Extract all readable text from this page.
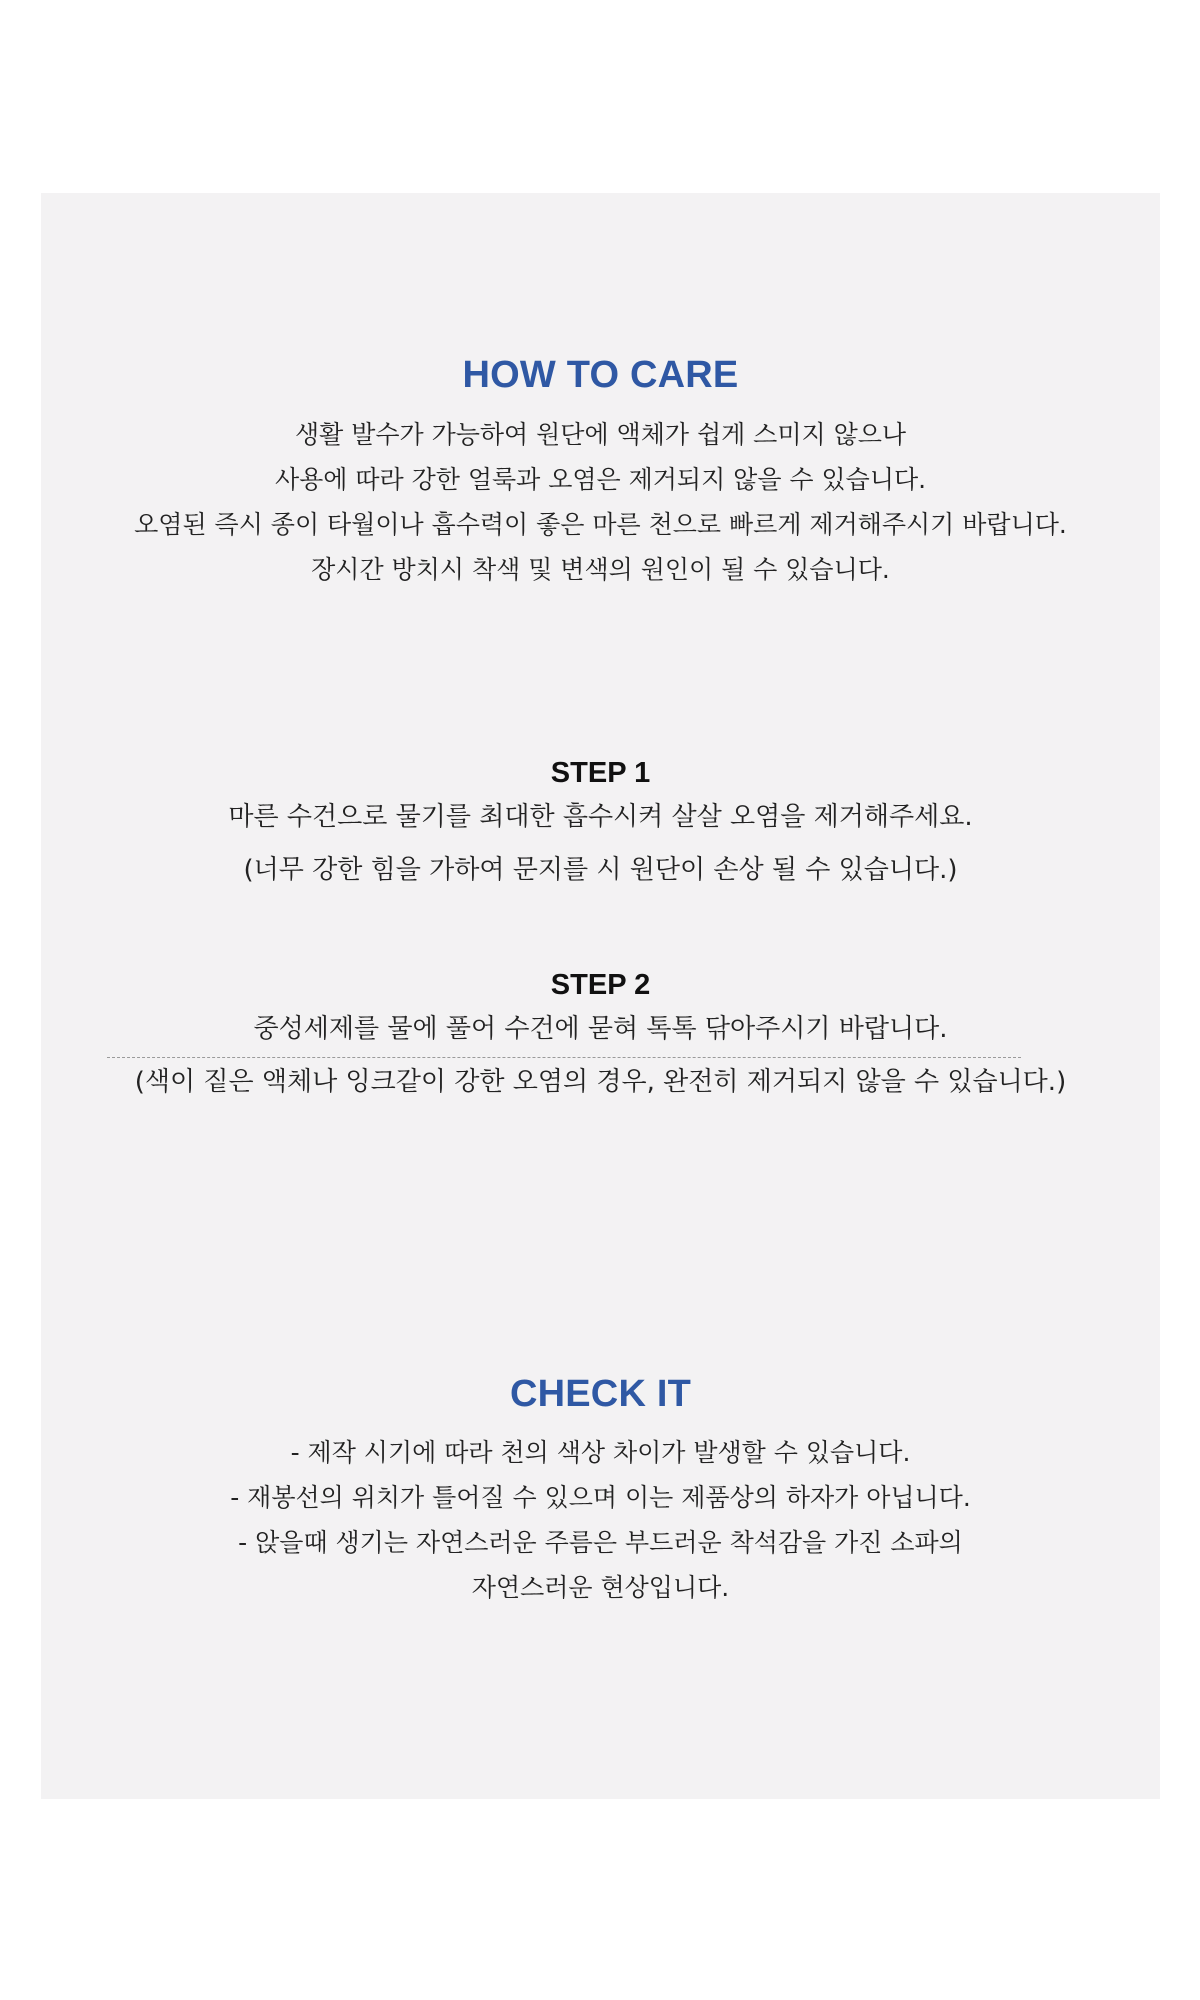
HOW TO CARE
생활 발수가 가능하여 원단에 액체가 쉽게 스미지 않으나
사용에 따라 강한 얼룩과 오염은 제거되지 않을 수 있습니다.
오염된 즉시 종이 타월이나 흡수력이 좋은 마른 천으로 빠르게 제거해주시기 바랍니다.
장시간 방치시 착색 및 변색의 원인이 될 수 있습니다.
STEP 1
마른 수건으로 물기를 최대한 흡수시켜 살살 오염을 제거해주세요.
(너무 강한 힘을 가하여 문지를 시 원단이 손상 될 수 있습니다.)
STEP 2
중성세제를 물에 풀어 수건에 묻혀 톡톡 닦아주시기 바랍니다.
(색이 짙은 액체나 잉크같이 강한 오염의 경우, 완전히 제거되지 않을 수 있습니다.)
CHECK IT
- 제작 시기에 따라 천의 색상 차이가 발생할 수 있습니다.
- 재봉선의 위치가 틀어질 수 있으며 이는 제품상의 하자가 아닙니다.
- 앉을때 생기는 자연스러운 주름은 부드러운 착석감을 가진 소파의
자연스러운 현상입니다.
